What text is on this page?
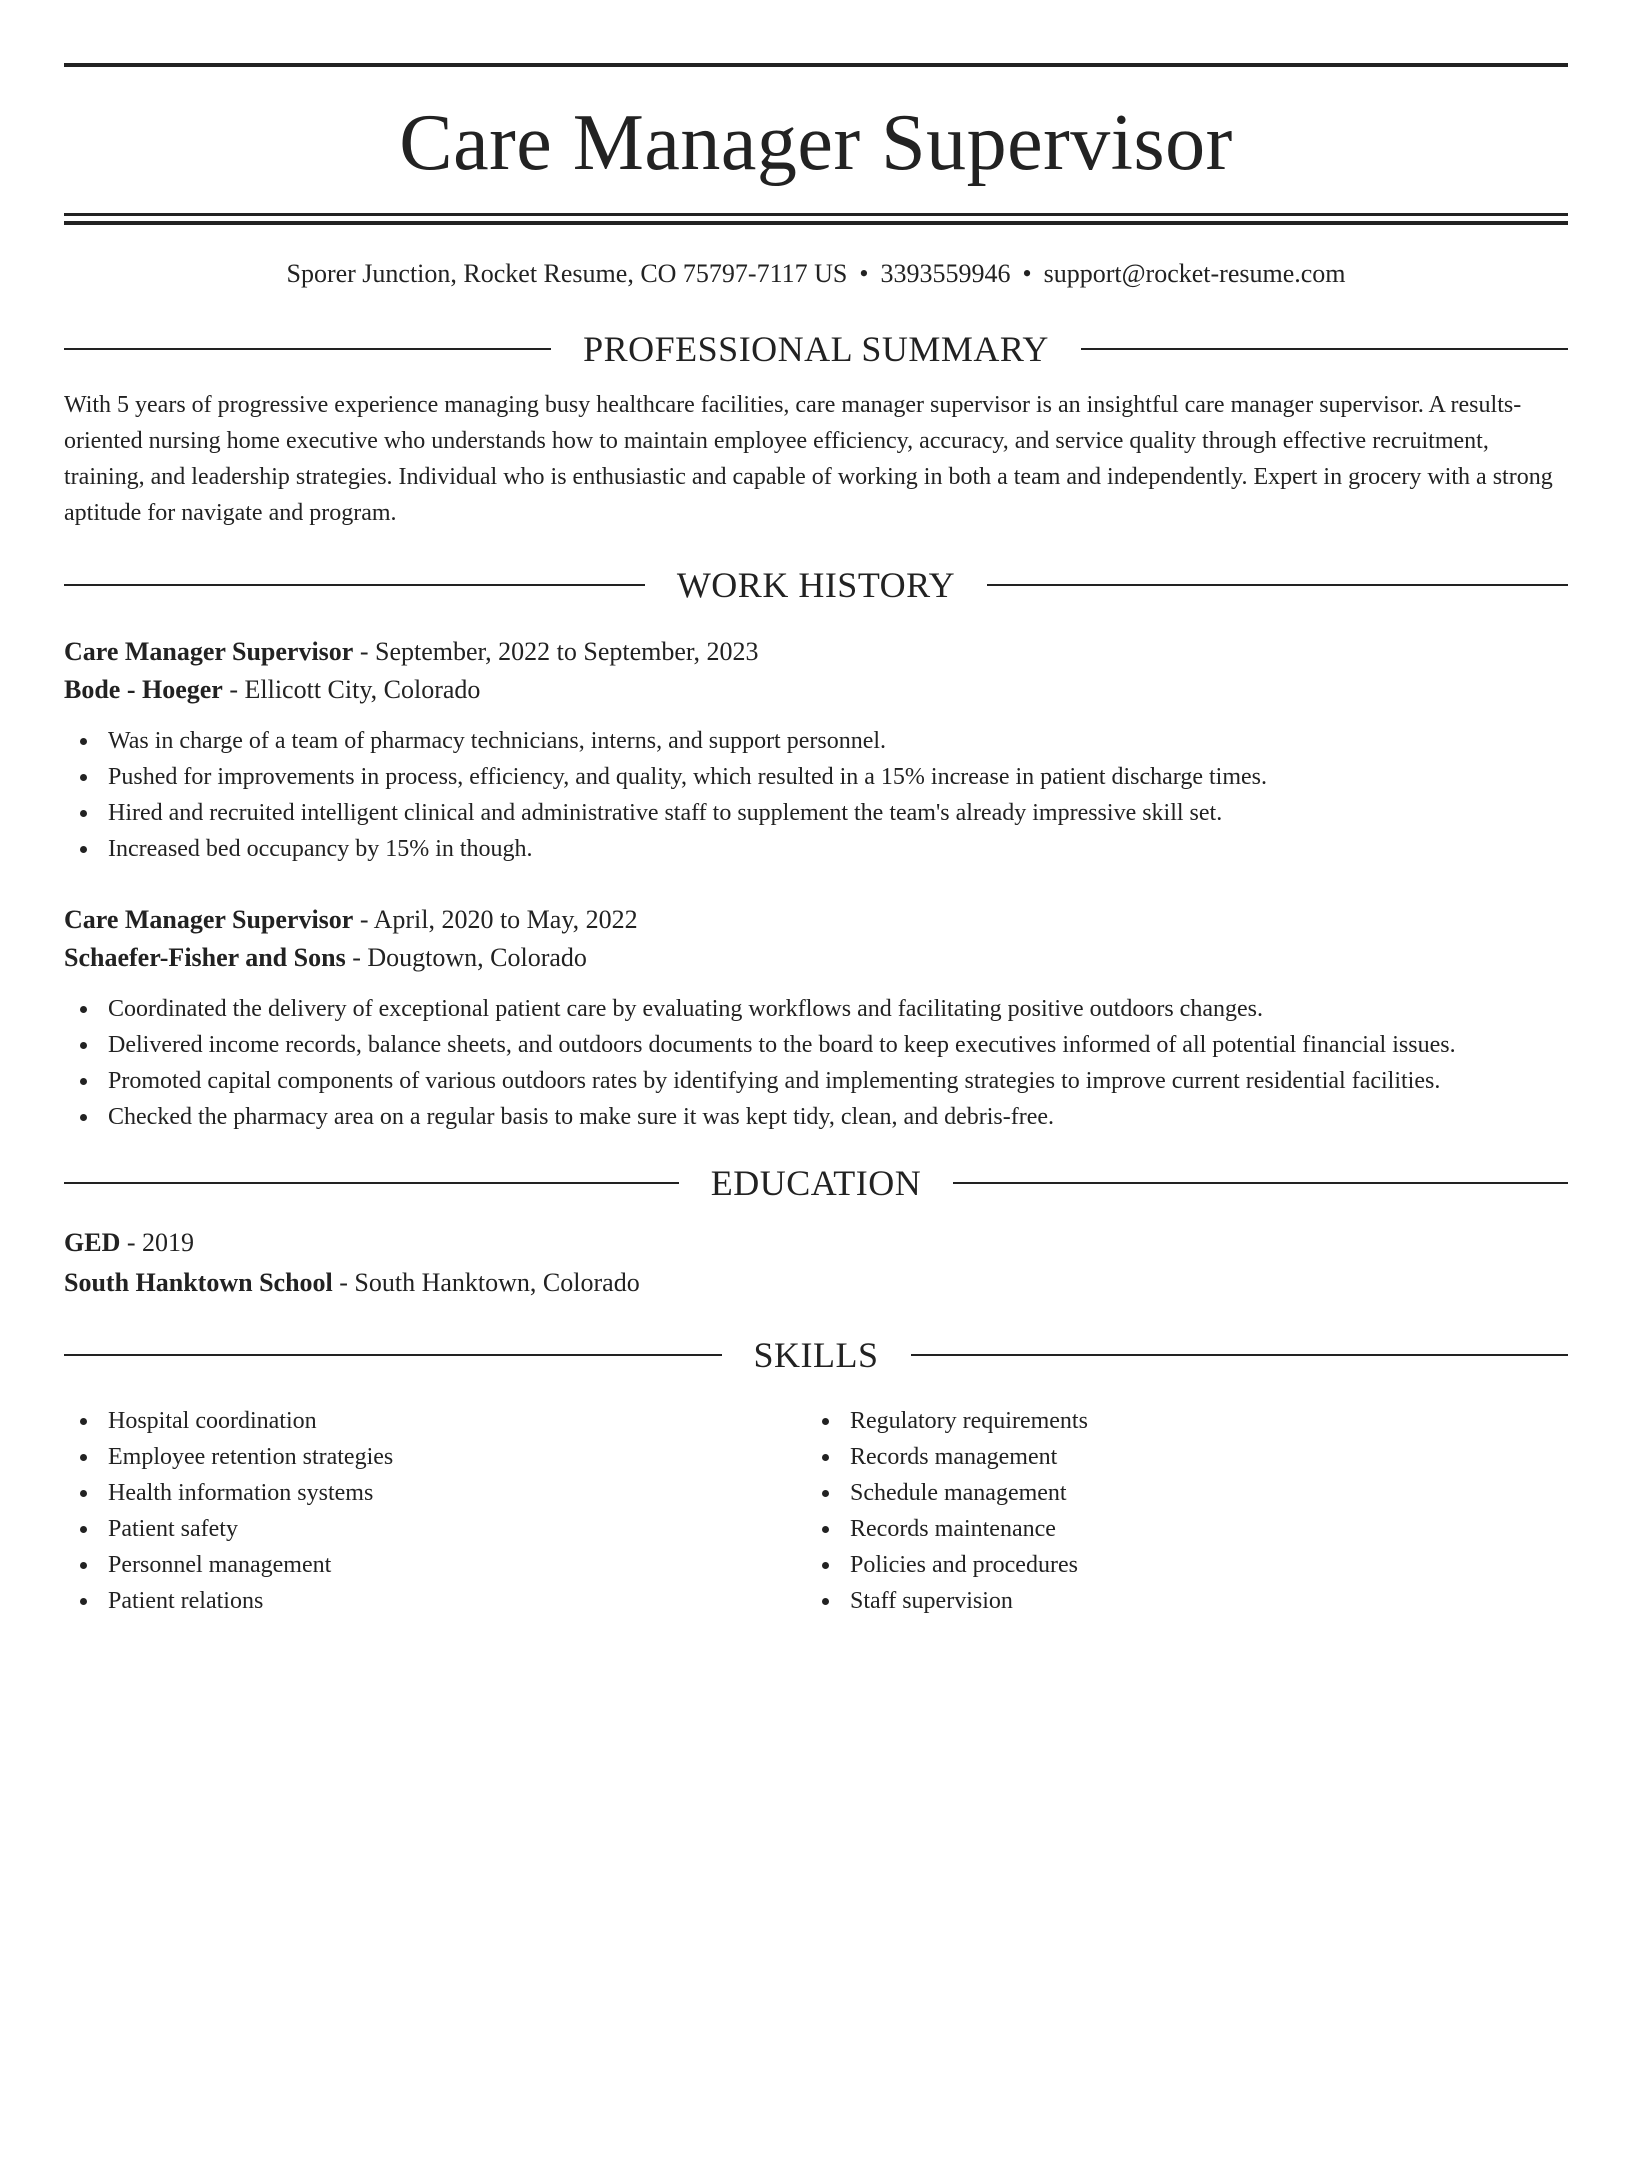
Care Manager Supervisor
Sporer Junction, Rocket Resume, CO 75797-7117 US • 3393559946 • support@rocket-resume.com
PROFESSIONAL SUMMARY

With 5 years of progressive experience managing busy healthcare facilities, care manager supervisor is an insightful care manager supervisor. A results-oriented nursing home executive who understands how to maintain employee efficiency, accuracy, and service quality through effective recruitment, training, and leadership strategies. Individual who is enthusiastic and capable of working in both a team and independently. Expert in grocery with a strong aptitude for navigate and program.

WORK HISTORY
Care Manager Supervisor - September, 2022 to September, 2023
Bode - Hoeger - Ellicott City, Colorado
Was in charge of a team of pharmacy technicians, interns, and support personnel.
Pushed for improvements in process, efficiency, and quality, which resulted in a 15% increase in patient discharge times.
Hired and recruited intelligent clinical and administrative staff to supplement the team's already impressive skill set.
Increased bed occupancy by 15% in though.
Care Manager Supervisor - April, 2020 to May, 2022
Schaefer-Fisher and Sons - Dougtown, Colorado
Coordinated the delivery of exceptional patient care by evaluating workflows and facilitating positive outdoors changes.
Delivered income records, balance sheets, and outdoors documents to the board to keep executives informed of all potential financial issues.
Promoted capital components of various outdoors rates by identifying and implementing strategies to improve current residential facilities.
Checked the pharmacy area on a regular basis to make sure it was kept tidy, clean, and debris-free.
EDUCATION
GED - 2019
South Hanktown School - South Hanktown, Colorado
SKILLS
Hospital coordination
Employee retention strategies
Health information systems
Patient safety
Personnel management
Patient relations
Regulatory requirements
Records management
Schedule management
Records maintenance
Policies and procedures
Staff supervision
